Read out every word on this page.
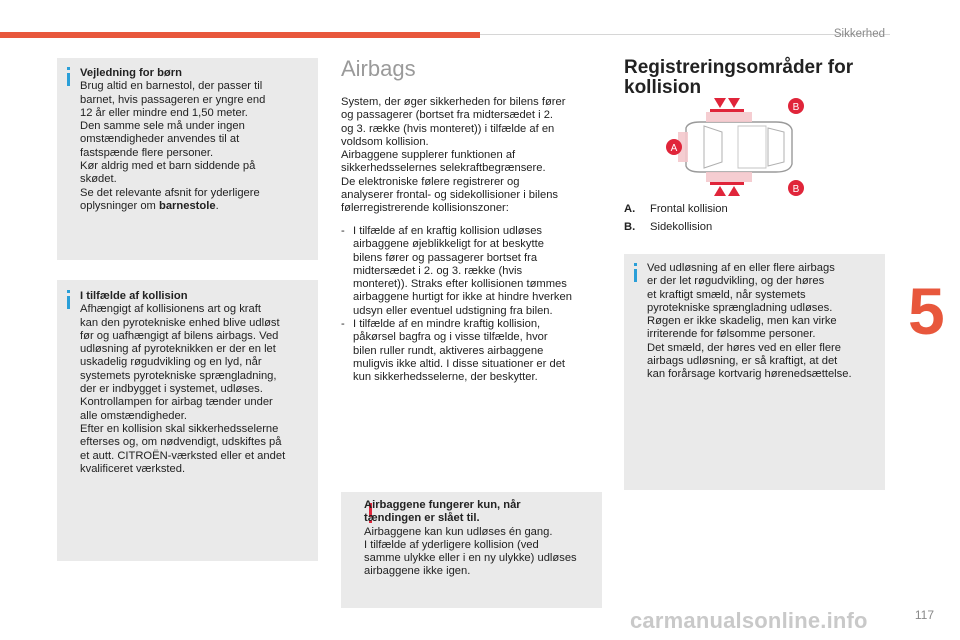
Sikkerhed
5

Vejledning for børn

Brug altid en barnestol, der passer til

barnet, hvis passageren er yngre end

12 år eller mindre end 1,50 meter.

Den samme sele må under ingen

omstændigheder anvendes til at

fastspænde flere personer.

Kør aldrig med et barn siddende på

skødet.

Se det relevante afsnit for yderligere

oplysninger om barnestole.

I tilfælde af kollision

Afhængigt af kollisionens art og kraft

kan den pyrotekniske enhed blive udløst

før og uafhængigt af bilens airbags. Ved

udløsning af pyroteknikken er der en let

uskadelig røgudvikling og en lyd, når

systemets pyrotekniske sprængladning,

der er indbygget i systemet, udløses.

Kontrollampen for airbag tænder under

alle omstændigheder.

Efter en kollision skal sikkerhedsselerne

efterses og, om nødvendigt, udskiftes på

et autt. CITROËN-værksted eller et andet

kvalificeret værksted.

Airbags

System, der øger sikkerheden for bilens fører

og passagerer (bortset fra midtersædet i 2.

og 3. række (hvis monteret)) i tilfælde af en

voldsom kollision.

Airbaggene supplerer funktionen af

sikkerhedsselernes selekraftbegrænsere.

De elektroniske følere registrerer og

analyserer frontal- og sidekollisioner i bilens

følerregistrerende kollisionszoner:

- I tilfælde af en kraftig kollision udløses
airbaggene øjeblikkeligt for at beskytte
bilens fører og passagerer bortset fra
midtersædet i 2. og 3. række (hvis
monteret)). Straks efter kollisionen tømmes
airbaggene hurtigt for ikke at hindre hverken
udsyn eller eventuel udstigning fra bilen.
- I tilfælde af en mindre kraftig kollision,
påkørsel bagfra og i visse tilfælde, hvor
bilen ruller rundt, aktiveres airbaggene
muligvis ikke altid. I disse situationer er det
kun sikkerhedsselerne, der beskytter.

Airbaggene fungerer kun, når

tændingen er slået til.

Airbaggene kan kun udløses én gang.

I tilfælde af yderligere kollision (ved

samme ulykke eller i en ny ulykke) udløses

airbaggene ikke igen.

Registreringsområder for kollision
B
B
A
A. Frontal kollision
B. Sidekollision

Ved udløsning af en eller flere airbags

er der let røgudvikling, og der høres

et kraftigt smæld, når systemets

pyrotekniske sprængladning udløses.

Røgen er ikke skadelig, men kan virke

irriterende for følsomme personer.

Det smæld, der høres ved en eller flere

airbags udløsning, er så kraftigt, at det

kan forårsage kortvarig hørenedsættelse.

carmanualsonline.info	117
